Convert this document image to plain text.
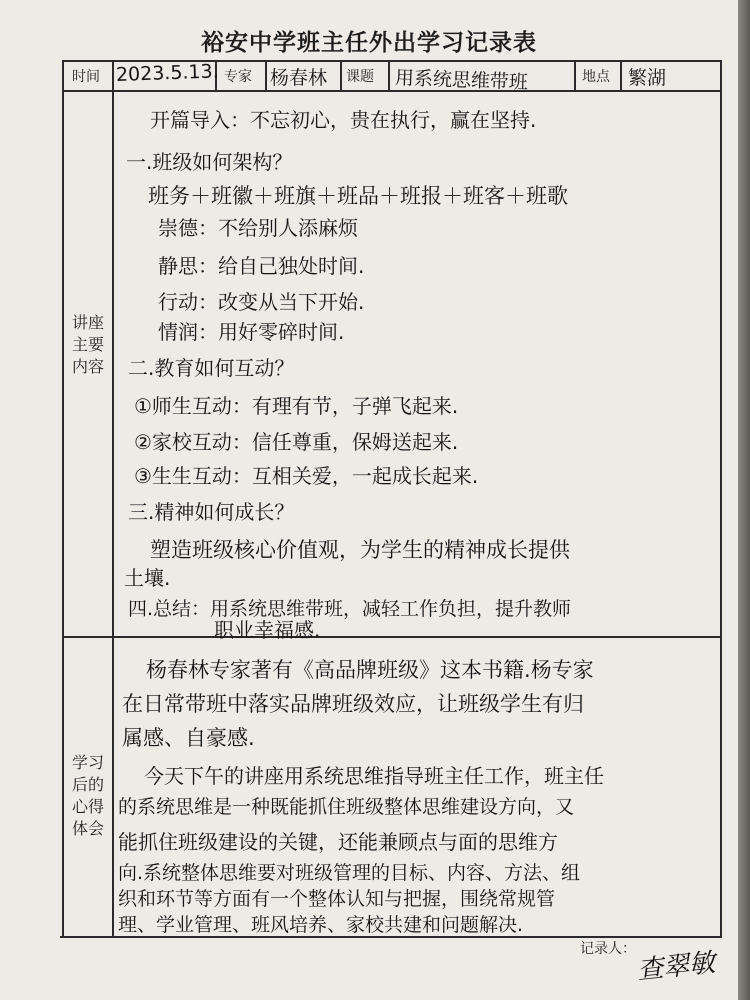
裕安中学班主任外出学习记录表
时间 2023.5.13. 专家 杨春林 课题 用系统思维带班	地点 繁湖
讲座主要内容
学习后的心得体会
开篇导入：不忘初心，贵在执行，赢在坚持.
一.班级如何架构？
班务＋班徽＋班旗＋班品＋班报＋班客＋班歌
崇德：不给别人添麻烦
静思：给自己独处时间.
行动：改变从当下开始.
情润：用好零碎时间.
二.教育如何互动？
①师生互动：有理有节，子弹飞起来.
②家校互动：信任尊重，保姆送起来.
③生生互动：互相关爱，一起成长起来.
三.精神如何成长？
塑造班级核心价值观，为学生的精神成长提供
土壤.
四.总结：用系统思维带班，减轻工作负担，提升教师
职业幸福感.
杨春林专家著有《高品牌班级》这本书籍.杨专家
在日常带班中落实品牌班级效应，让班级学生有归
属感、自豪感.
今天下午的讲座用系统思维指导班主任工作，班主任
的系统思维是一种既能抓住班级整体思维建设方向，又
能抓住班级建设的关键，还能兼顾点与面的思维方
向.系统整体思维要对班级管理的目标、内容、方法、组
织和环节等方面有一个整体认知与把握，围绕常规管
理、学业管理、班风培养、家校共建和问题解决.
记录人： 查翠敏
